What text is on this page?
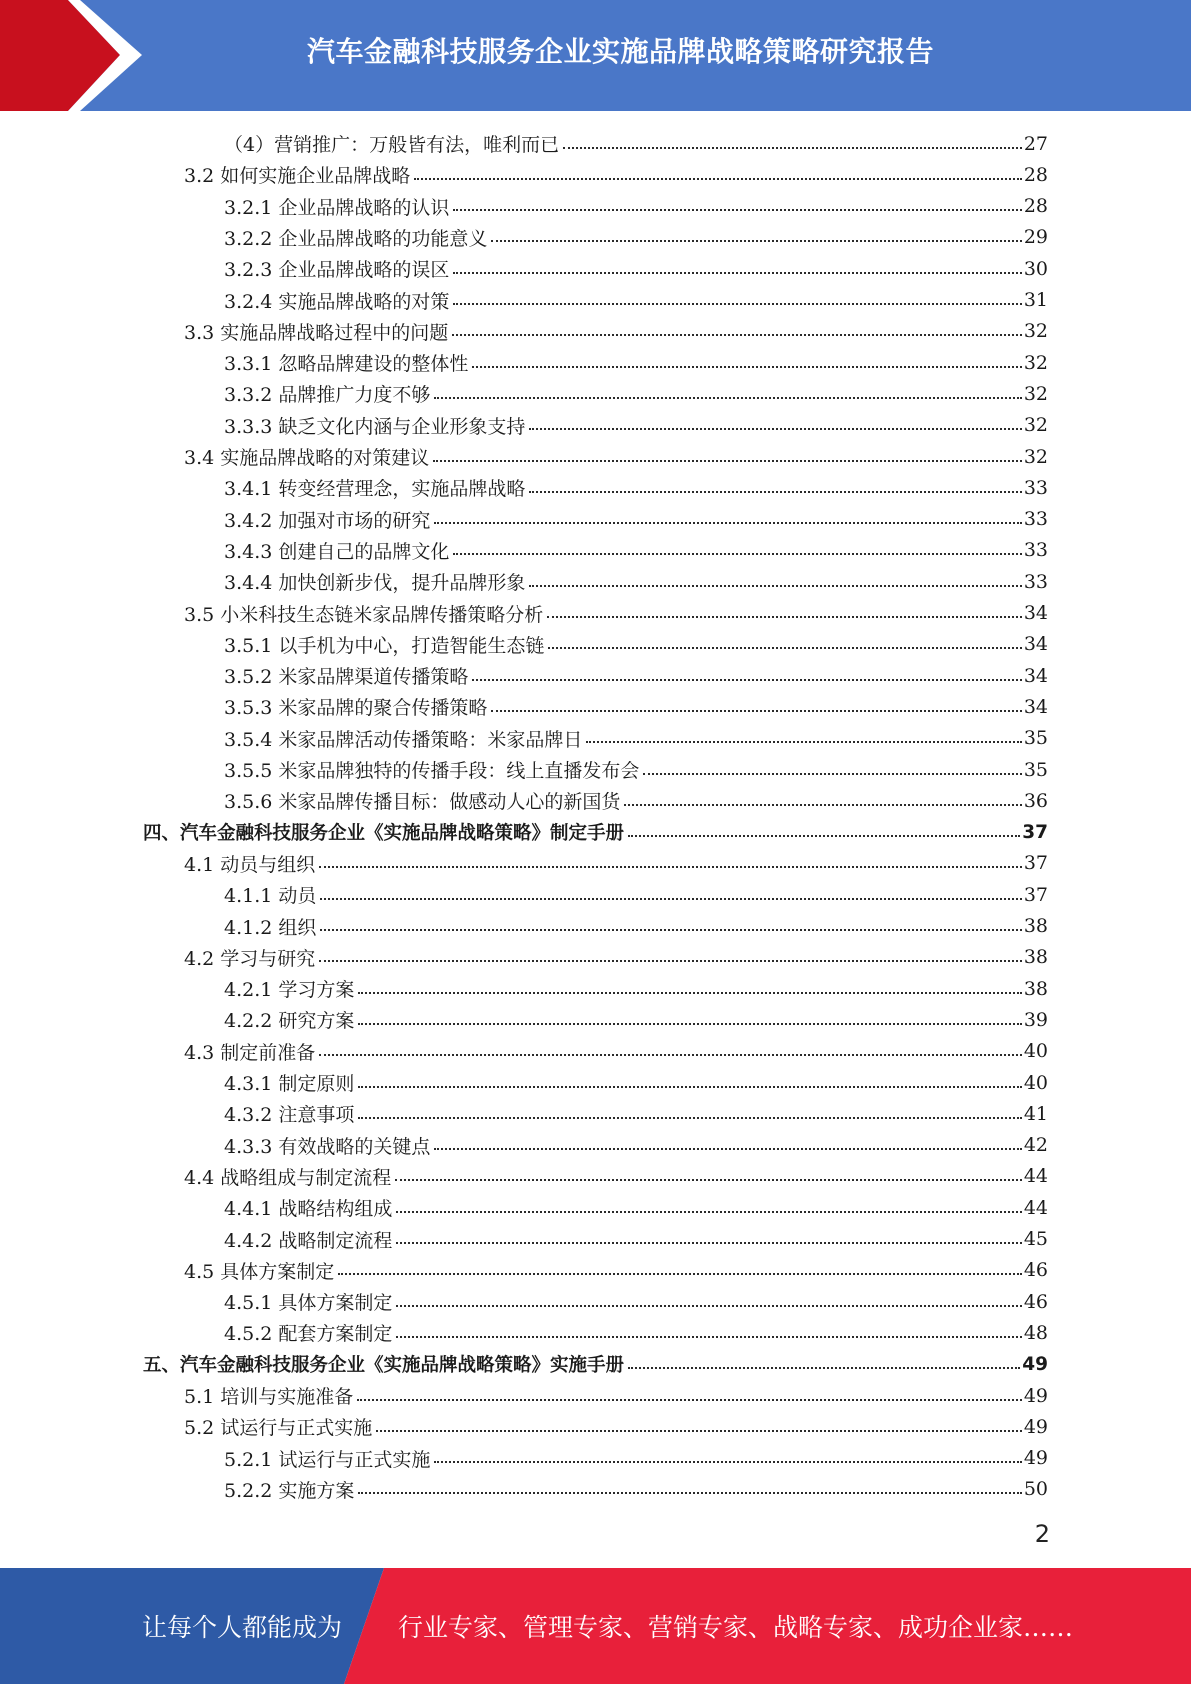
汽车金融科技服务企业实施品牌战略策略研究报告
（4）营销推广：万般皆有法，唯利而已	27
3.2 如何实施企业品牌战略	28
3.2.1 企业品牌战略的认识	28
3.2.2 企业品牌战略的功能意义	29
3.2.3 企业品牌战略的误区	30
3.2.4 实施品牌战略的对策	31
3.3 实施品牌战略过程中的问题	32
3.3.1 忽略品牌建设的整体性	32
3.3.2 品牌推广力度不够	32
3.3.3 缺乏文化内涵与企业形象支持	32
3.4 实施品牌战略的对策建议	32
3.4.1 转变经营理念，实施品牌战略	33
3.4.2 加强对市场的研究	33
3.4.3 创建自己的品牌文化	33
3.4.4 加快创新步伐，提升品牌形象	33
3.5 小米科技生态链米家品牌传播策略分析	34
3.5.1 以手机为中心，打造智能生态链	34
3.5.2 米家品牌渠道传播策略	34
3.5.3 米家品牌的聚合传播策略	34
3.5.4 米家品牌活动传播策略：米家品牌日	35
3.5.5 米家品牌独特的传播手段：线上直播发布会	35
3.5.6 米家品牌传播目标：做感动人心的新国货	36
四、汽车金融科技服务企业《实施品牌战略策略》制定手册	37
4.1 动员与组织	37
4.1.1 动员	37
4.1.2 组织	38
4.2 学习与研究	38
4.2.1 学习方案	38
4.2.2 研究方案	39
4.3 制定前准备	40
4.3.1 制定原则	40
4.3.2 注意事项	41
4.3.3 有效战略的关键点	42
4.4 战略组成与制定流程	44
4.4.1 战略结构组成	44
4.4.2 战略制定流程	45
4.5 具体方案制定	46
4.5.1 具体方案制定	46
4.5.2 配套方案制定	48
五、汽车金融科技服务企业《实施品牌战略策略》实施手册	49
5.1 培训与实施准备	49
5.2 试运行与正式实施	49
5.2.1 试运行与正式实施	49
5.2.2 实施方案	50
2
让每个人都能成为 行业专家、管理专家、营销专家、战略专家、成功企业家……
